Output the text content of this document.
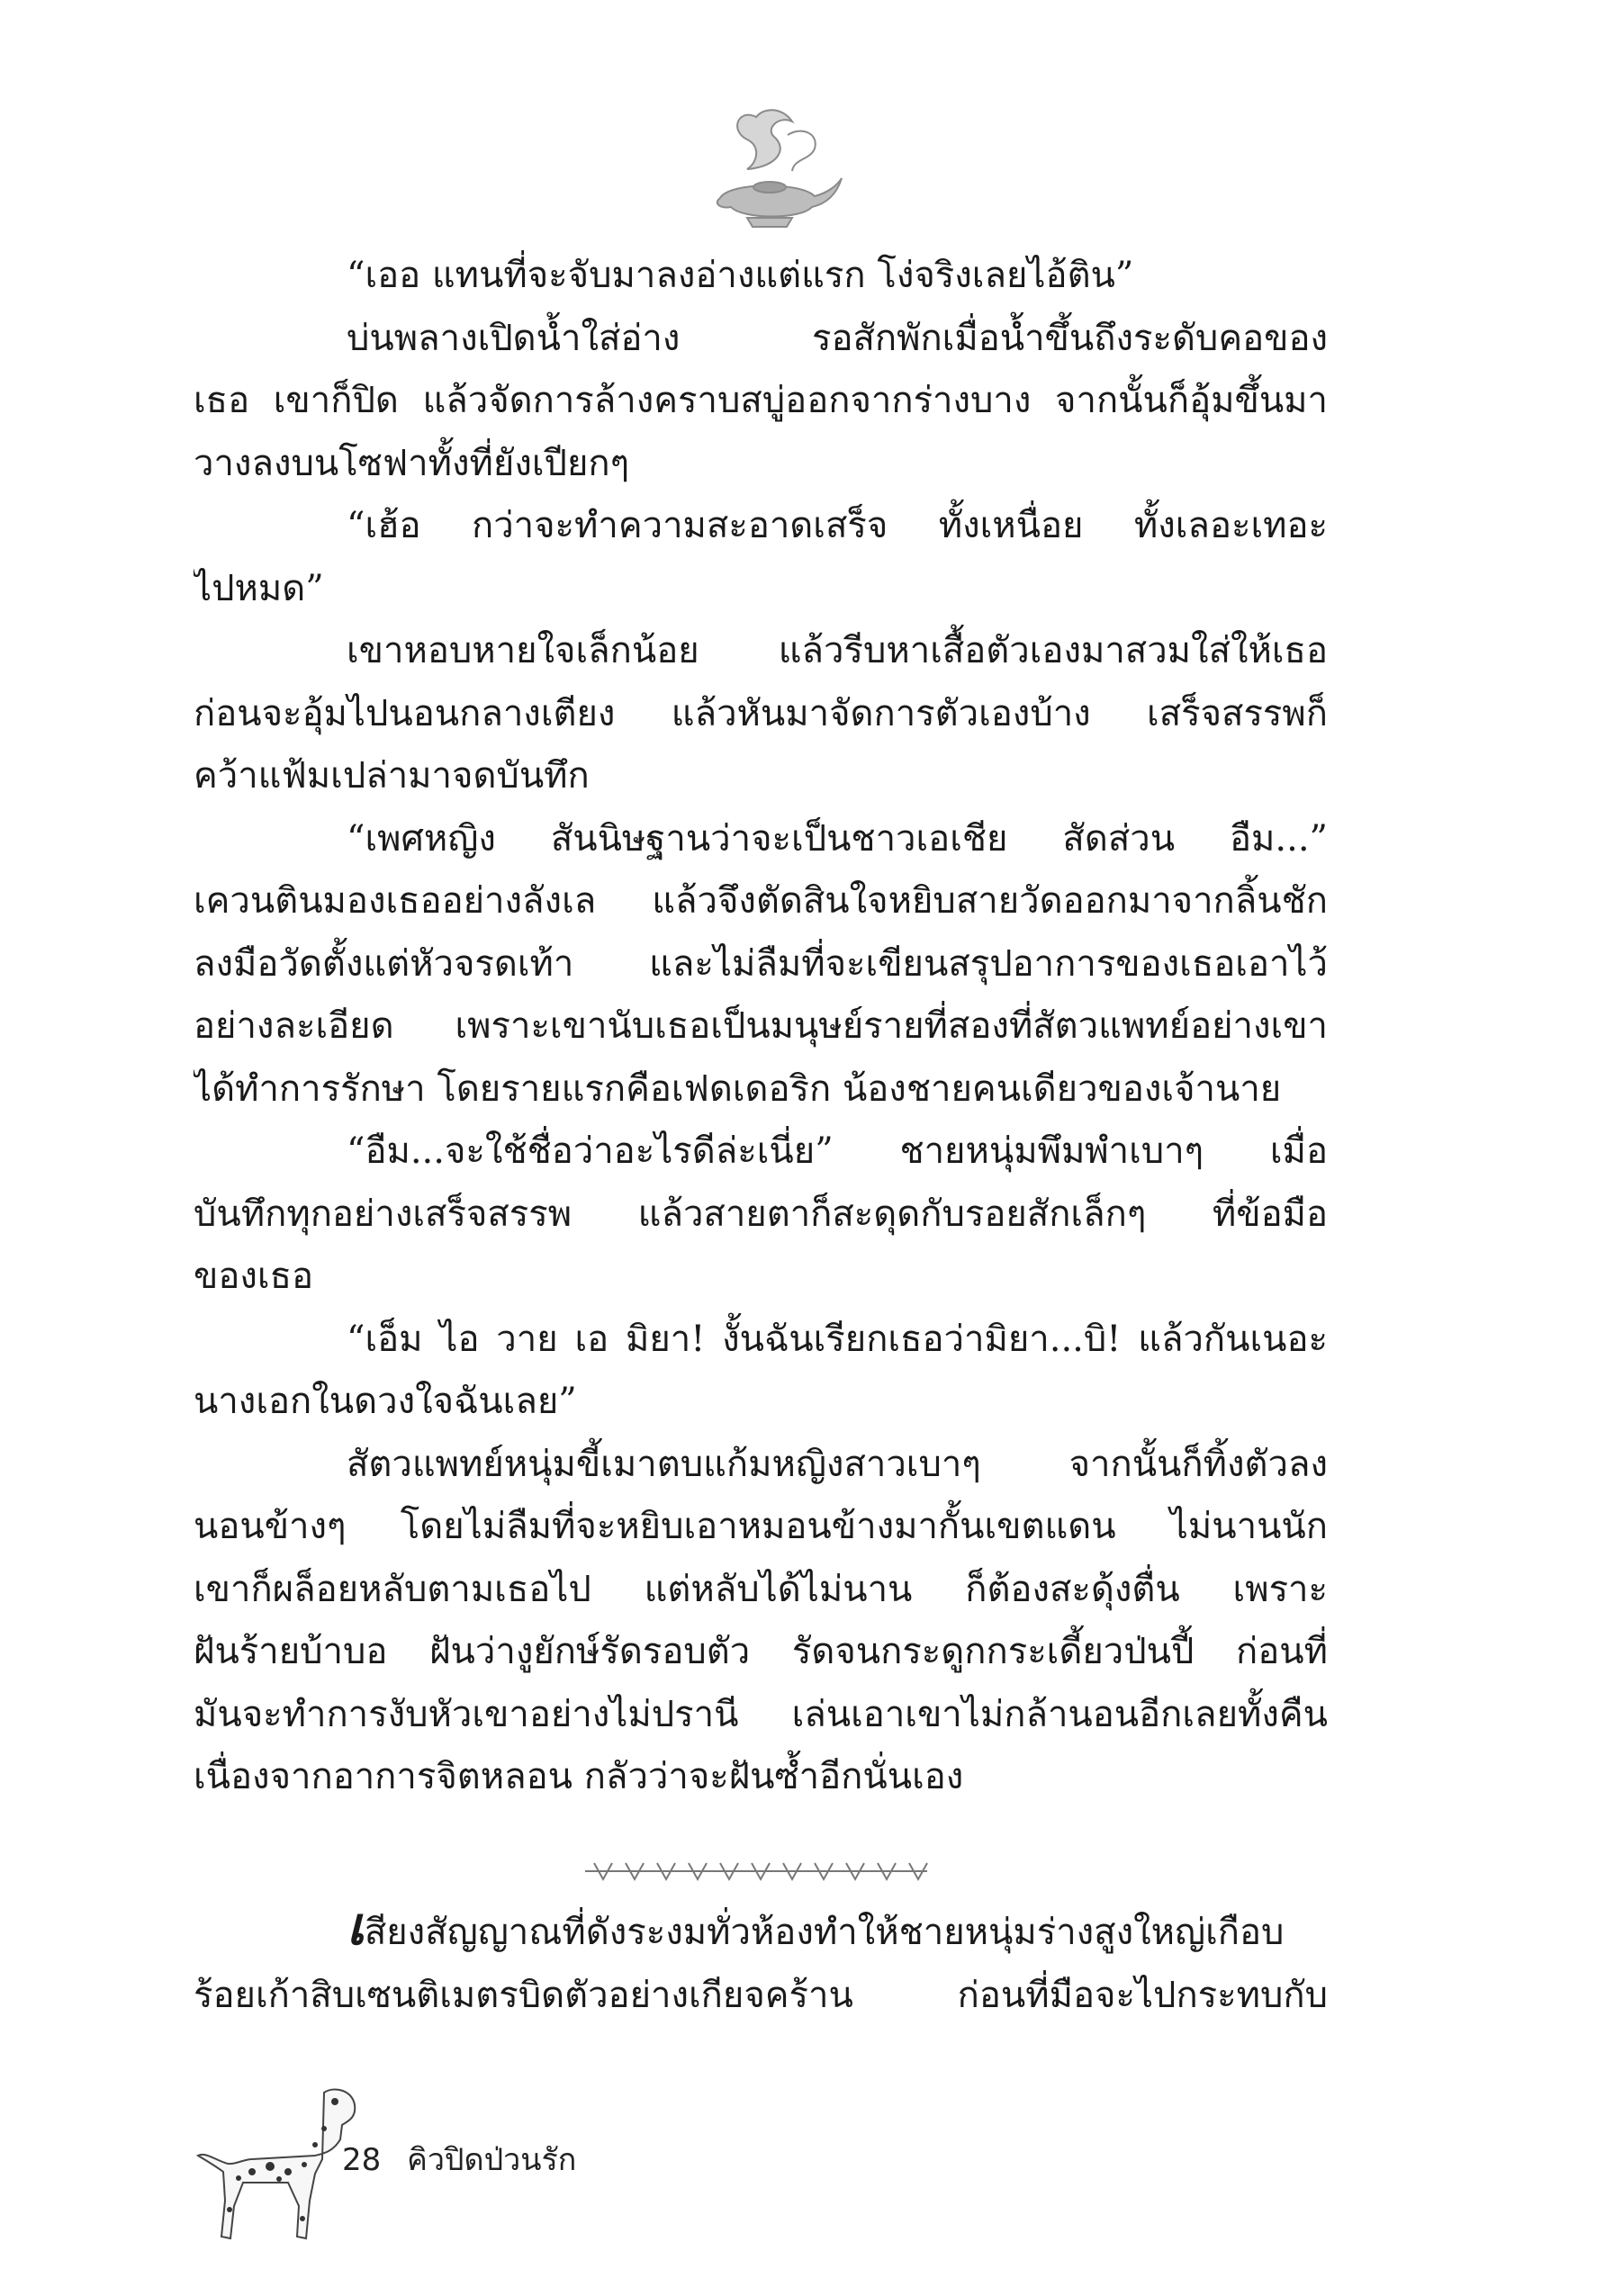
“เออ แทนที่จะจับมาลงอ่างแต่แรก โง่จริงเลยไอ้ติน”
บ่นพลางเปิดน้ำใส่อ่าง รอสักพักเมื่อน้ำขึ้นถึงระดับคอของ
เธอ เขาก็ปิด แล้วจัดการล้างคราบสบู่ออกจากร่างบาง จากนั้นก็อุ้มขึ้นมา
วางลงบนโซฟาทั้งที่ยังเปียกๆ
“เฮ้อ กว่าจะทำความสะอาดเสร็จ ทั้งเหนื่อย ทั้งเลอะเทอะ
ไปหมด”
เขาหอบหายใจเล็กน้อย แล้วรีบหาเสื้อตัวเองมาสวมใส่ให้เธอ
ก่อนจะอุ้มไปนอนกลางเตียง แล้วหันมาจัดการตัวเองบ้าง เสร็จสรรพก็
คว้าแฟ้มเปล่ามาจดบันทึก
“เพศหญิง สันนิษฐานว่าจะเป็นชาวเอเชีย สัดส่วน อืม...”
เควนตินมองเธออย่างลังเล แล้วจึงตัดสินใจหยิบสายวัดออกมาจากลิ้นชัก
ลงมือวัดตั้งแต่หัวจรดเท้า และไม่ลืมที่จะเขียนสรุปอาการของเธอเอาไว้
อย่างละเอียด เพราะเขานับเธอเป็นมนุษย์รายที่สองที่สัตวแพทย์อย่างเขา
ได้ทำการรักษา โดยรายแรกคือเฟดเดอริก น้องชายคนเดียวของเจ้านาย
“อืม...จะใช้ชื่อว่าอะไรดีล่ะเนี่ย” ชายหนุ่มพึมพำเบาๆ เมื่อ
บันทึกทุกอย่างเสร็จสรรพ แล้วสายตาก็สะดุดกับรอยสักเล็กๆ ที่ข้อมือ
ของเธอ
“เอ็ม ไอ วาย เอ มิยา! งั้นฉันเรียกเธอว่ามิยา...บิ! แล้วกันเนอะ
นางเอกในดวงใจฉันเลย”
สัตวแพทย์หนุ่มขี้เมาตบแก้มหญิงสาวเบาๆ จากนั้นก็ทิ้งตัวลง
นอนข้างๆ โดยไม่ลืมที่จะหยิบเอาหมอนข้างมากั้นเขตแดน ไม่นานนัก
เขาก็ผล็อยหลับตามเธอไป แต่หลับได้ไม่นาน ก็ต้องสะดุ้งตื่น เพราะ
ฝันร้ายบ้าบอ ฝันว่างูยักษ์รัดรอบตัว รัดจนกระดูกกระเดี้ยวป่นปี้ ก่อนที่
มันจะทำการงับหัวเขาอย่างไม่ปรานี เล่นเอาเขาไม่กล้านอนอีกเลยทั้งคืน
เนื่องจากอาการจิตหลอน กลัวว่าจะฝันซ้ำอีกนั่นเอง
เสียงสัญญาณที่ดังระงมทั่วห้องทำให้ชายหนุ่มร่างสูงใหญ่เกือบ
ร้อยเก้าสิบเซนติเมตรบิดตัวอย่างเกียจคร้าน ก่อนที่มือจะไปกระทบกับ
28 คิวปิดป่วนรัก
